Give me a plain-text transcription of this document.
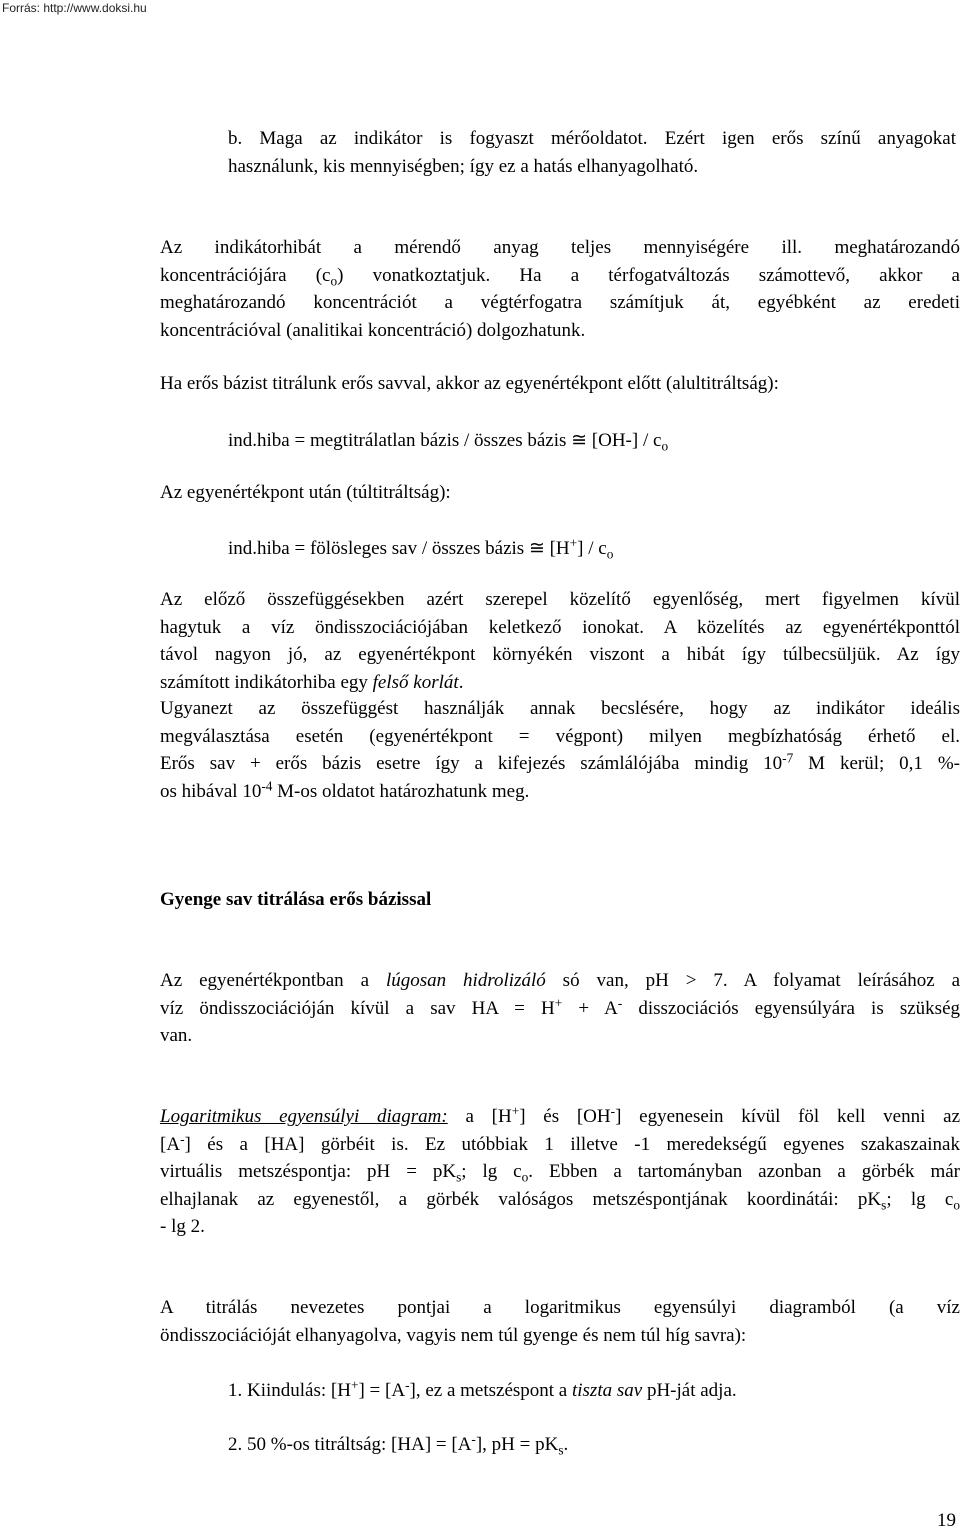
Forrás: http://www.doksi.hu
b. Maga az indikátor is fogyaszt mérőoldatot. Ezért igen erős színű anyagokat
használunk, kis mennyiségben; így ez a hatás elhanyagolható.
Az indikátorhibát a mérendő anyag teljes mennyiségére ill. meghatározandó
koncentrációjára $(c_o)$ vonatkoztatjuk. Ha a térfogatváltozás számottevő, akkor a
meghatározandó koncentrációt a végtérfogatra számítjuk át, egyébként az eredeti
koncentrációval (analitikai koncentráció) dolgozhatunk.
Ha erős bázist titrálunk erős savval, akkor az egyenértékpont előtt (alultitráltság):
ind.hiba = megtitrálatlan bázis / összes bázis ≅ $[OH-] / c_o$
Az egyenértékpont után (túltitráltság):
ind.hiba = fölösleges sav / összes bázis ≅ $[H^+] / c_o$
Az előző összefüggésekben azért szerepel közelítő egyenlőség, mert figyelmen kívül
hagytuk a víz öndisszociációjában keletkező ionokat. A közelítés az egyenértékponttól
távol nagyon jó, az egyenértékpont környékén viszont a hibát így túlbecsüljük. Az így
számított indikátorhiba egy felső korlát.
Ugyanezt az összefüggést használják annak becslésére, hogy az indikátor ideális
megválasztása esetén (egyenértékpont = végpont) milyen megbízhatóság érhető el.
Erős sav + erős bázis esetre így a kifejezés számlálójába mindig $10^{-7}$ M kerül; 0,1 %-
os hibával $10^{-4}$ M-os oldatot határozhatunk meg.
Gyenge sav titrálása erős bázissal
Az egyenértékpontban a lúgosan hidrolizáló só van, pH > 7. A folyamat leírásához a
víz öndisszociációján kívül a sav HA = H+ + A- disszociációs egyensúlyára is szükség
van.
Logaritmikus egyensúlyi diagram: a [H+] és [OH-] egyenesein kívül föl kell venni az
[A-] és a [HA] görbéit is. Ez utóbbiak 1 illetve -1 meredekségű egyenes szakaszainak
virtuális metszéspontja: pH = $pK_s$; $\lg c_o$. Ebben a tartományban azonban a görbék már
elhajlanak az egyenestől, a görbék valóságos metszéspontjának koordinátái: $pK_s$; $\lg c_o$
- lg 2.
A titrálás nevezetes pontjai a logaritmikus egyensúlyi diagramból (a víz
öndisszociációját elhanyagolva, vagyis nem túl gyenge és nem túl híg savra):
1. Kiindulás: [H+] = [A-], ez a metszéspont a tiszta sav pH-ját adja.
2. 50 %-os titráltság: [HA] = [A-], pH = $pK_s$.
19
